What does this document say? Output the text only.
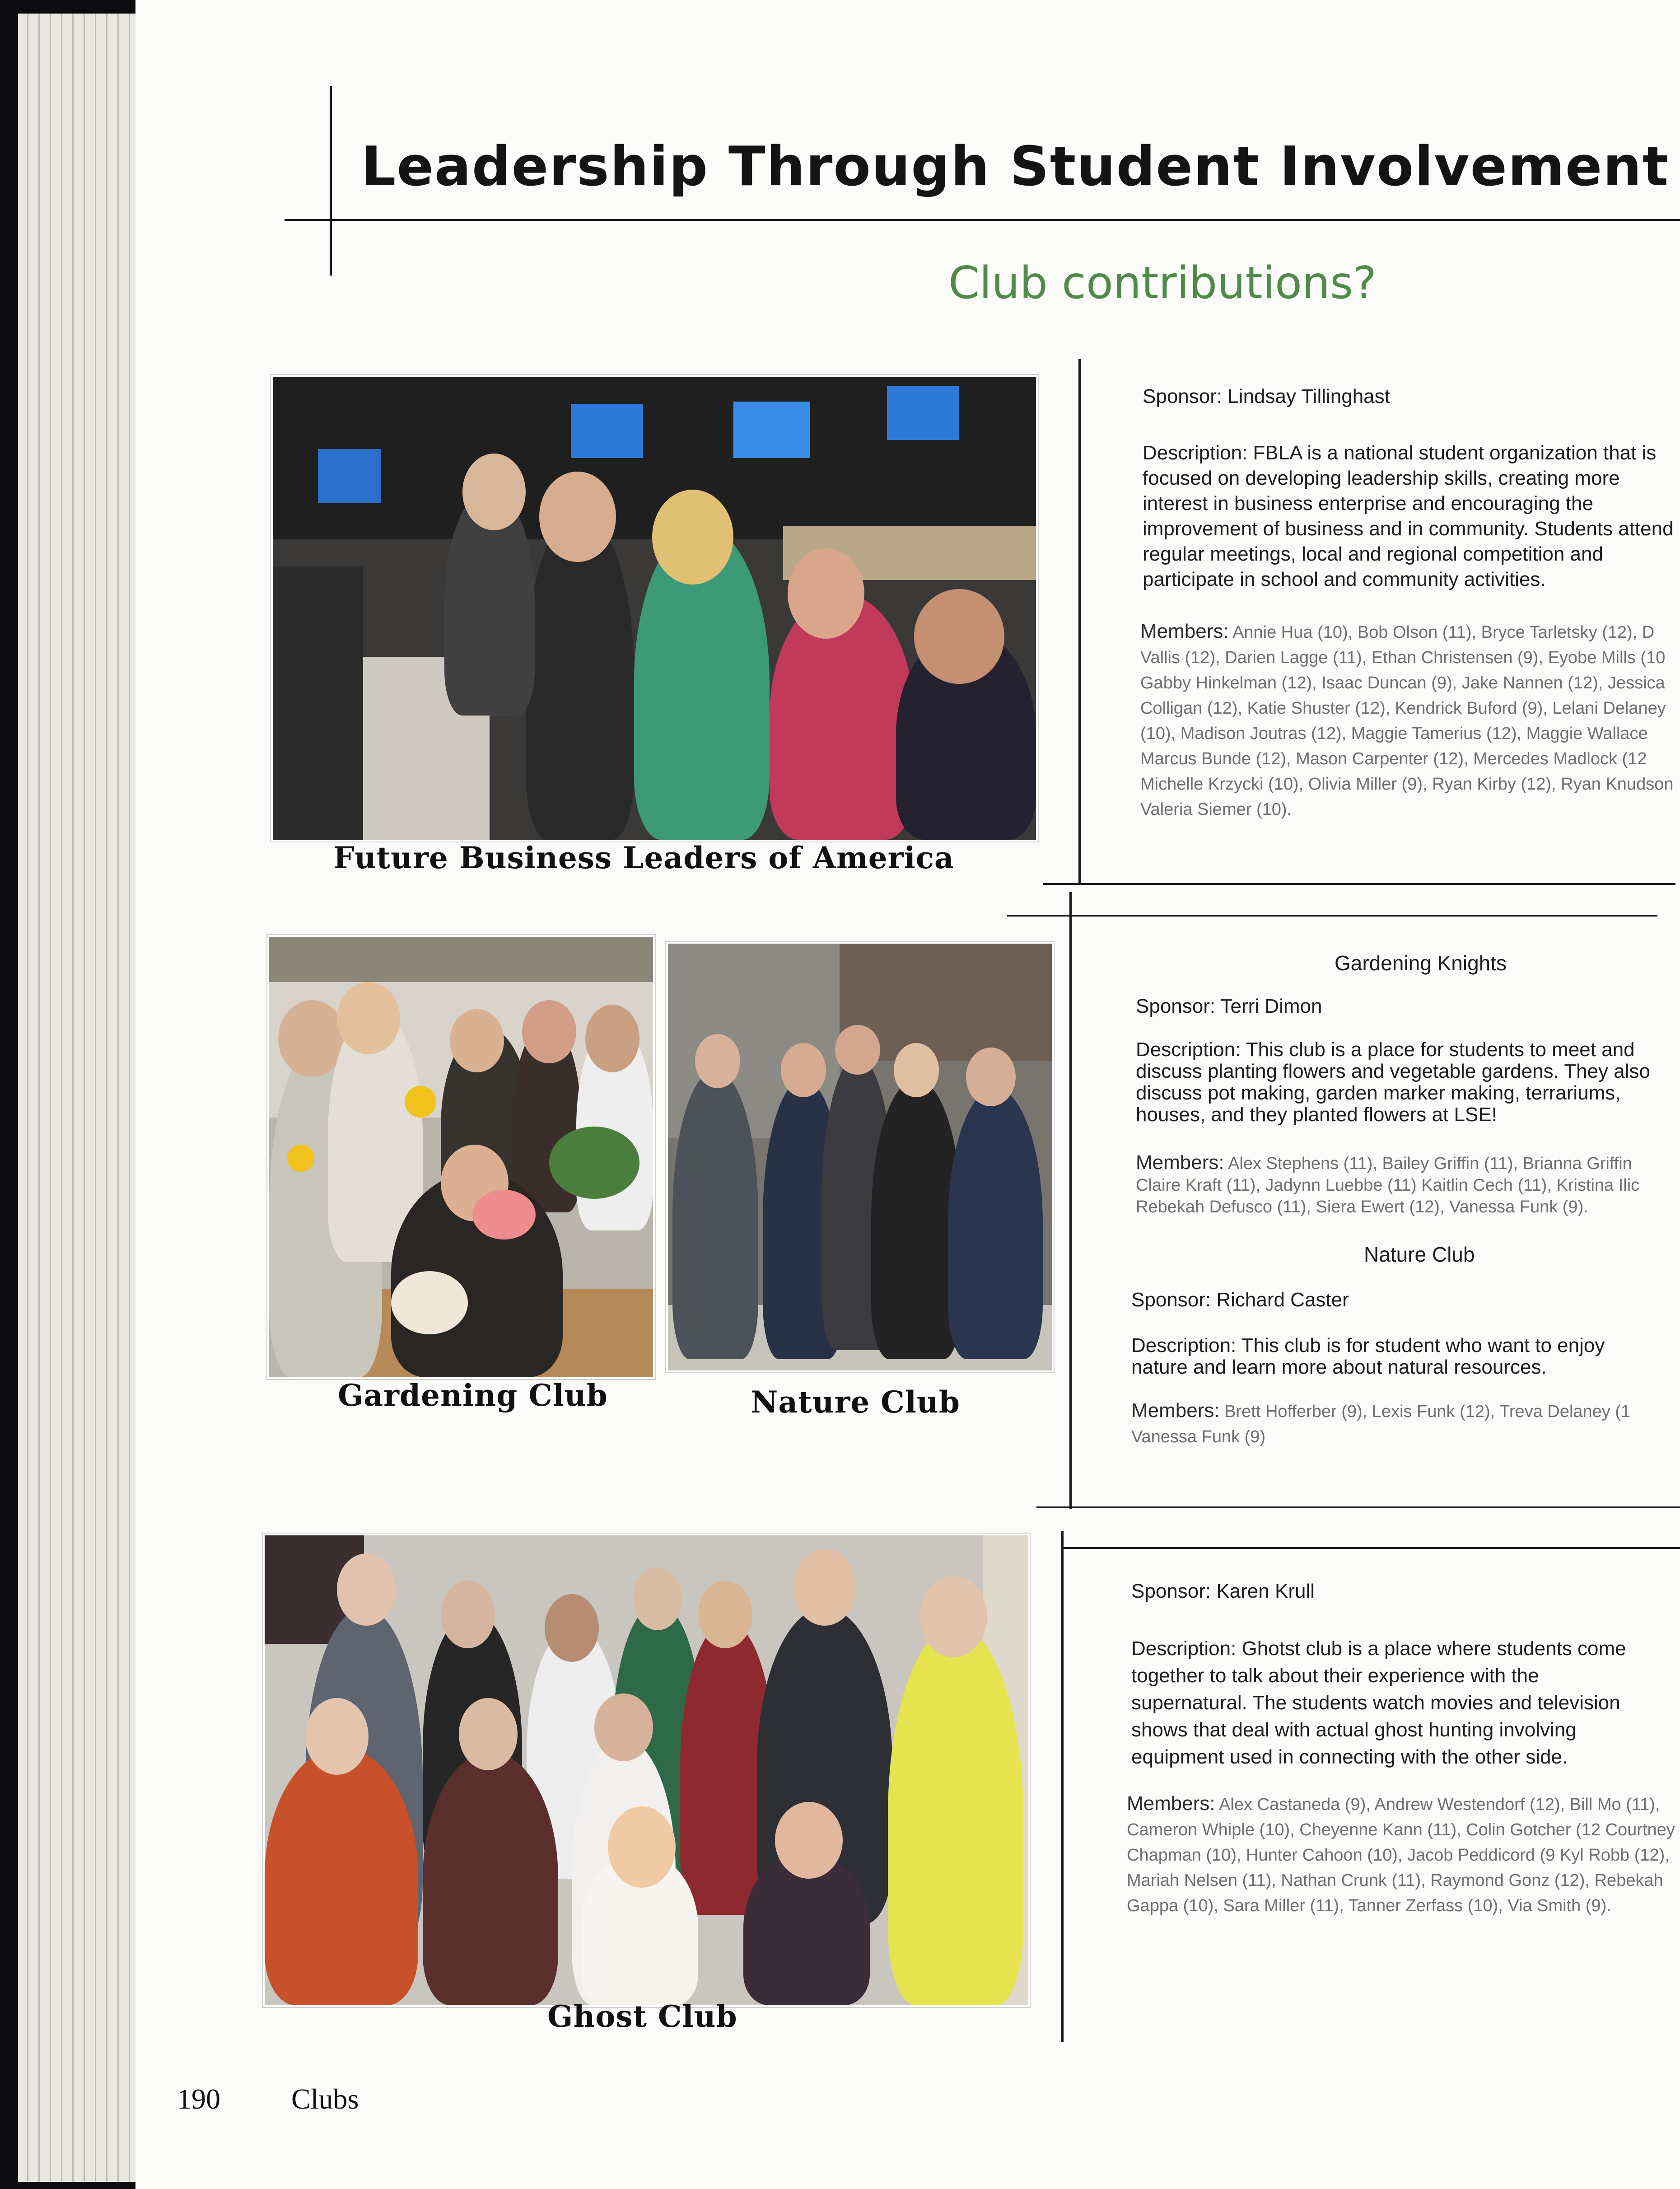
Leadership Through Student Involvement
Club contributions?
Future Business Leaders of America
Sponsor: Lindsay Tillinghast
Description: FBLA is a national student organization that is focused on developing leadership skills, creating more interest in business enterprise and encouraging the improvement of business and in community. Students attend regular meetings, local and regional competition and participate in school and community activities.
Members: Annie Hua (10), Bob Olson (11), Bryce Tarletsky (12), D Vallis (12), Darien Lagge (11), Ethan Christensen (9), Eyobe Mills (10 Gabby Hinkelman (12), Isaac Duncan (9), Jake Nannen (12), Jessica Colligan (12), Katie Shuster (12), Kendrick Buford (9), Lelani Delaney (10), Madison Joutras (12), Maggie Tamerius (12), Maggie Wallace Marcus Bunde (12), Mason Carpenter (12), Mercedes Madlock (12 Michelle Krzycki (10), Olivia Miller (9), Ryan Kirby (12), Ryan Knudson Valeria Siemer (10).
Gardening Club	Nature Club
Gardening Knights
Sponsor: Terri Dimon
Description: This club is a place for students to meet and discuss planting flowers and vegetable gardens. They also discuss pot making, garden marker making, terrariums, houses, and they planted flowers at LSE!
Members: Alex Stephens (11), Bailey Griffin (11), Brianna Griffin Claire Kraft (11), Jadynn Luebbe (11) Kaitlin Cech (11), Kristina Ilic Rebekah Defusco (11), Siera Ewert (12), Vanessa Funk (9).
Nature Club
Sponsor: Richard Caster
Description: This club is for student who want to enjoy nature and learn more about natural resources.
Members: Brett Hofferber (9), Lexis Funk (12), Treva Delaney (1 Vanessa Funk (9)
Ghost Club
Sponsor: Karen Krull
Description: Ghotst club is a place where students come together to talk about their experience with the supernatural. The students watch movies and television shows that deal with actual ghost hunting involving equipment used in connecting with the other side.
Members: Alex Castaneda (9), Andrew Westendorf (12), Bill Mo (11), Cameron Whiple (10), Cheyenne Kann (11), Colin Gotcher (12 Courtney Chapman (10), Hunter Cahoon (10), Jacob Peddicord (9 Kyl Robb (12), Mariah Nelsen (11), Nathan Crunk (11), Raymond Gonz (12), Rebekah Gappa (10), Sara Miller (11), Tanner Zerfass (10), Via Smith (9).
190 Clubs
